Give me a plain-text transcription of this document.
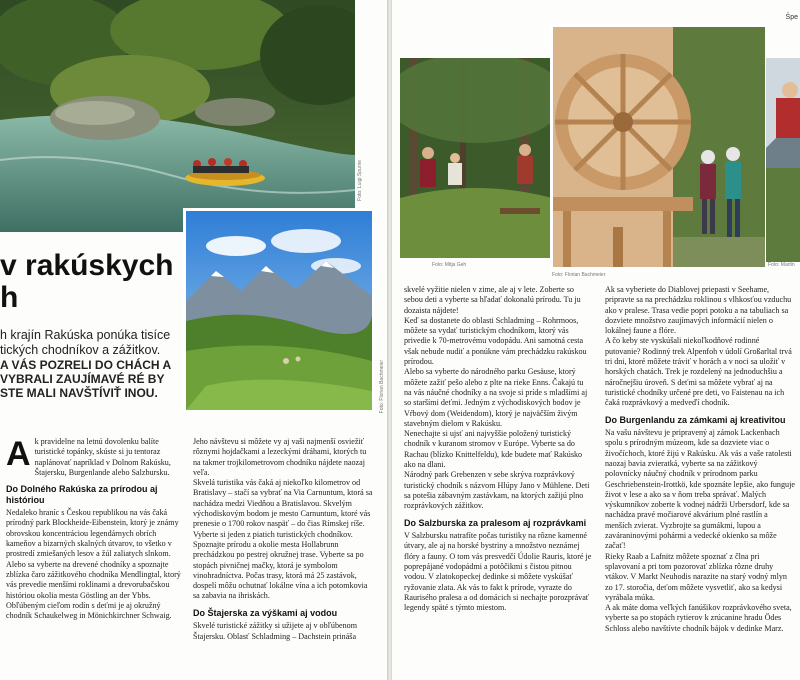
Foto: Luigi Spurne
Foto: Florian Bachmeier
v rakúskych
h
h krajín Rakúska ponúka tisíce tických chodníkov a zážitkov.
A VÁS POZRELI DO CHÁCH A VYBRALI ZAUJÍMAVÉ RÉ BY STE MALI NAVŠTÍVIŤ INOU.

Ak pravidelne na letnú dovolenku balíte turistické topánky, skúste si ju tentoraz naplánovať napríklad v Dolnom Rakúsku, Štajersku, Burgenlande alebo Salzbursku.

Do Dolného Rakúska za prírodou aj históriou

Nedaleko hraníc s Českou republikou na vás čaká prírodný park Blockheide-Eibenstein, ktorý je známy obrovskou koncentráciou legendárnych obrích kameňov a bizarných skalných útvarov, to všetko v prostredí zmiešaných lesov a žúl zaliatych slnkom.

Alebo sa vyberte na drevené chodníky a spoznajte zblízka čaro zážitkového chodníka Mendlingtal, ktorý vás prevedie menšími roklinami a drevorubačskou históriou okolia mesta Göstling an der Ybbs.

Obľúbeným cieľom rodín s deťmi je aj okružný chodník Schaukelweg in Mönichkirchner Schwaig.

Jeho návštevu si môžete vy aj vaši najmenší osviežiť rôznymi hojdačkami a lezeckými dráhami, ktorých tu na takmer trojkilometrovom chodníku nájdete naozaj veľa.

Skvelá turistika vás čaká aj niekoľko kilometrov od Bratislavy – stačí sa vybrať na Via Carnuntum, ktorá sa nachádza medzi Viedňou a Bratislavou. Skvelým východiskovým bodom je mesto Carnuntum, ktoré vás prenesie o 1700 rokov naspäť – do čias Rímskej ríše. Vyberte si jeden z piatich turistických chodníkov.

Spoznajte prírodu a okolie mesta Hollabrunn prechádzkou po pestrej okružnej trase. Vyberte sa po stopách pivničnej mačky, ktorá je symbolom vinohradníctva. Počas trasy, ktorá má 25 zastávok, dospelí môžu ochutnať lokálne vína a ich potomkovia sa zabavia na ihriskách.

Do Štajerska za výškami aj vodou

Skvelé turistické zážitky si užijete aj v obľúbenom Štajersku. Oblasť Schladming – Dachstein prináša

Špe
Foto: Mitja Geh
Foto: Florian Bachmeier
Foto: Martin

skvelé vyžitie nielen v zime, ale aj v lete. Zoberte so sebou deti a vyberte sa hľadať dokonalú prírodu. Tu ju dozaista nájdete!

Keď sa dostanete do oblasti Schladming – Rohrmoos, môžete sa vydať turistickým chodníkom, ktorý vás privedie k 70-metrovému vodopádu. Ani samotná cesta však nebude nudiť a ponúkne vám prechádzku rakúskou prírodou.

Alebo sa vyberte do národného parku Gesäuse, ktorý môžete zažiť pešo alebo z plte na rieke Enns. Čakajú tu na vás náučné chodníky a na svoje si príde s mladšími aj so staršími deťmi. Jedným z východiskových bodov je Vŕbový dom (Weidendom), ktorý je najväčším živým stavebným dielom v Rakúsku.

Nenechajte si ujsť ani najvyššie položený turistický chodník v kuranom stromov v Európe. Vyberte sa do Rachau (blízko Knittelfeldu), kde budete mať Rakúsko ako na dlani.

Národný park Grebenzen v sebe skrýva rozprávkový turistický chodník s názvom Hlúpy Jano v Mühlene. Deti sa potešia zábavným zastávkam, na ktorých zažijú plno rozprávkových zážitkov.

Do Salzburska za pralesom aj rozprávkami

V Salzbursku natrafíte počas turistiky na rôzne kamenné útvary, ale aj na horské bystriny a množstvo neznámej flóry a fauny. O tom vás presvedčí Údolie Rauris, ktoré je poprepájané vodopádmi a potôčikmi s čistou pitnou vodou. V zlatokopeckej dedinke si môžete vyskúšať ryžovanie zlata. Ak vás to fakt k prírode, vyrazte do Raurisého pralesa a od domácich si nechajte porozprávať legendy späté s týmto miestom.

Ak sa vyberiete do Diablovej priepasti v Seehame, pripravte sa na prechádzku roklinou s vlhkosťou vzduchu ako v pralese. Trasa vedie popri potoku a na tabuliach sa dozviete množstvo zaujímavých informácií nielen o lokálnej faune a flóre.

A čo keby ste vyskúšali niekoľkodňové rodinné putovanie? Rodinný trek Alpenfoh v údolí Großarltal trvá tri dni, ktoré môžete tráviť v horách a v noci sa uložiť v horských chatách. Trek je rozdelený na jednoduchšiu a náročnejšiu úroveň. S deťmi sa môžete vybrať aj na turistické chodníky určené pre deti, vo Faistenau na ich čaká rozprávkový a medveďí chodník.

Do Burgenlandu za zámkami aj kreativitou

Na vašu návštevu je pripravený aj zámok Lackenbach spolu s prírodným múzeom, kde sa dozviete viac o živočíchoch, ktoré žijú v Rakúsku. Ak vás a vaše ratolesti naozaj bavia zvieratká, vyberte sa na zážitkový polovnícky náučný chodník v prírodnom parku Geschriebenstein-Irottkö, kde spoznáte lepšie, ako funguje život v lese a ako sa v ňom treba správať. Malých výskumníkov zoberte k vodnej nádrži Urbersdorf, kde sa nachádza pravé močiarové akvárium plné rastlín a menších zvierat. Vyzbrojte sa gumákmi, lupou a zaváraninovými pohármi a vedecké okienko sa môže začať!

Rieky Raab a Lafnitz môžete spoznať z člna pri splavovaní a pri tom pozorovať zblízka rôzne druhy vtákov. V Markt Neuhodis narazite na starý vodný mlyn zo 17. storočia, deťom môžete vysvetliť, ako sa kedysi vyrábala múka.

A ak máte doma veľkých fanúšikov rozprávkového sveta, vyberte sa po stopách rytierov k zrúcanine hradu Ödes Schloss alebo navštívte chodník bájok v dedinke Marz.
